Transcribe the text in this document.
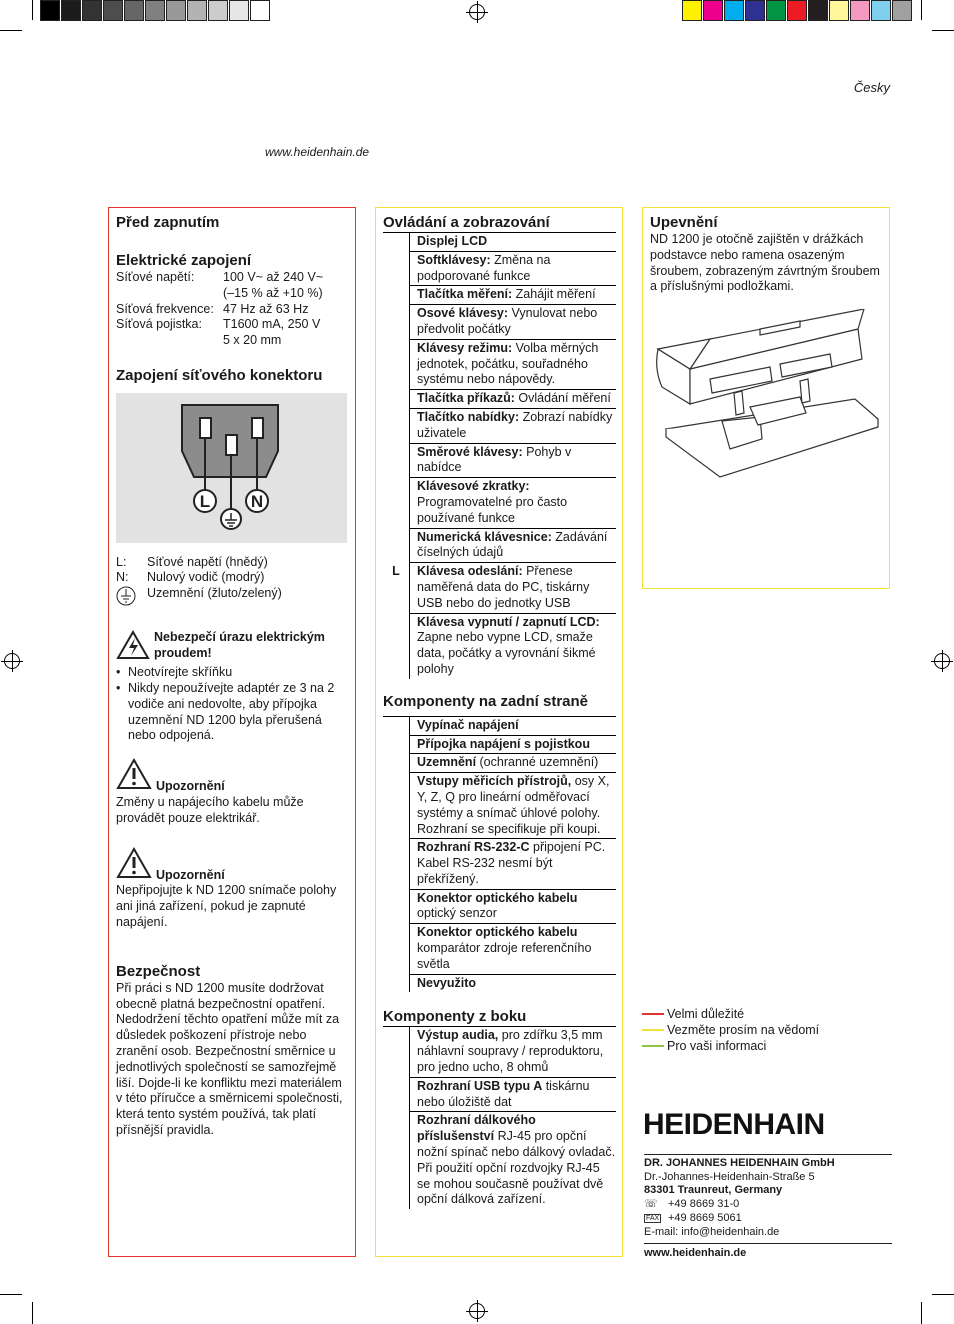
Česky
www.heidenhain.de
Před zapnutím
Elektrické zapojení
Síťové napětí:	100 V~ až 240 V~
(–15 % až +10 %)
Síťová frekvence: 47 Hz až 63 Hz
Síťová pojistka:	T1600 mA, 250 V
5 x 20 mm
Zapojení síťového konektoru
L N
L:	Síťové napětí (hnědý)
N:	Nulový vodič (modrý)
Uzemnění (žluto/zelený)
Nebezpečí úrazu elektrickým proudem!
• Neotvírejte skříňku
• Nikdy nepoužívejte adaptér ze 3 na 2 vodiče ani nedovolte, aby přípojka uzemnění ND 1200 byla přerušená nebo odpojená.
Upozornění
Změny u napájecího kabelu může provádět pouze elektrikář.
Upozornění
Nepřipojujte k ND 1200 snímače polohy ani jiná zařízení, pokud je zapnuté napájení.
Bezpečnost
Při práci s ND 1200 musíte dodržovat obecně platná bezpečnostní opatření. Nedodržení těchto opatření může mít za důsledek poškození přístroje nebo zranění osob. Bezpečnostní směrnice u jednotlivých společností se samozřejmě liší. Dojde-li ke konfliktu mezi materiálem v této příručce a směrnicemi společnosti, která tento systém používá, tak platí přísnější pravidla.
Ovládání a zobrazování
	Displej LCD
	Softklávesy: Změna na podporované funkce
	Tlačítka měření: Zahájit měření
	Osové klávesy: Vynulovat nebo předvolit počátky
	Klávesy režimu: Volba měrných jednotek, počátku, souřadného systému nebo nápovědy.
	Tlačítka příkazů: Ovládání měření
	Tlačítko nabídky: Zobrazí nabídky uživatele
	Směrové klávesy: Pohyb v nabídce
	Klávesové zkratky: Programovatelné pro často používané funkce
	Numerická klávesnice: Zadávání číselných údajů
L	Klávesa odeslání: Přenese naměřená data do PC, tiskárny USB nebo do jednotky USB
	Klávesa vypnutí / zapnutí LCD: Zapne nebo vypne LCD, smaže data, počátky a vyrovnání šikmé polohy
Komponenty na zadní straně
	Vypínač napájení
	Přípojka napájení s pojistkou
	Uzemnění (ochranné uzemnění)
	Vstupy měřicích přístrojů, osy X, Y, Z, Q pro lineární odměřovací systémy a snímač úhlové polohy. Rozhraní se specifikuje při koupi.
	Rozhraní RS-232-C připojení PC. Kabel RS-232 nesmí být překřížený.
	Konektor optického kabelu optický senzor
	Konektor optického kabelu komparátor zdroje referenčního světla
	Nevyužito
Komponenty z boku
	Výstup audia, pro zdířku 3,5 mm náhlavní soupravy / reproduktoru, pro jedno ucho, 8 ohmů
	Rozhraní USB typu A tiskárnu nebo úložiště dat
	Rozhraní dálkového příslušenství RJ-45 pro opční nožní spínač nebo dálkový ovladač. Při použití opční rozdvojky RJ-45 se mohou současně používat dvě opční dálková zařízení.
Upevnění
ND 1200 je otočně zajištěn v drážkách podstavce nebo ramena osazeným šroubem, zobrazeným závrtným šroubem a příslušnými podložkami.
Velmi důležité
Vezměte prosím na vědomí
Pro vaši informaci
HEIDENHAIN
DR. JOHANNES HEIDENHAIN GmbH
Dr.-Johannes-Heidenhain-Straße 5
83301 Traunreut, Germany
☏ +49 8669 31-0
FAX +49 8669 5061
E-mail: info@heidenhain.de
www.heidenhain.de
